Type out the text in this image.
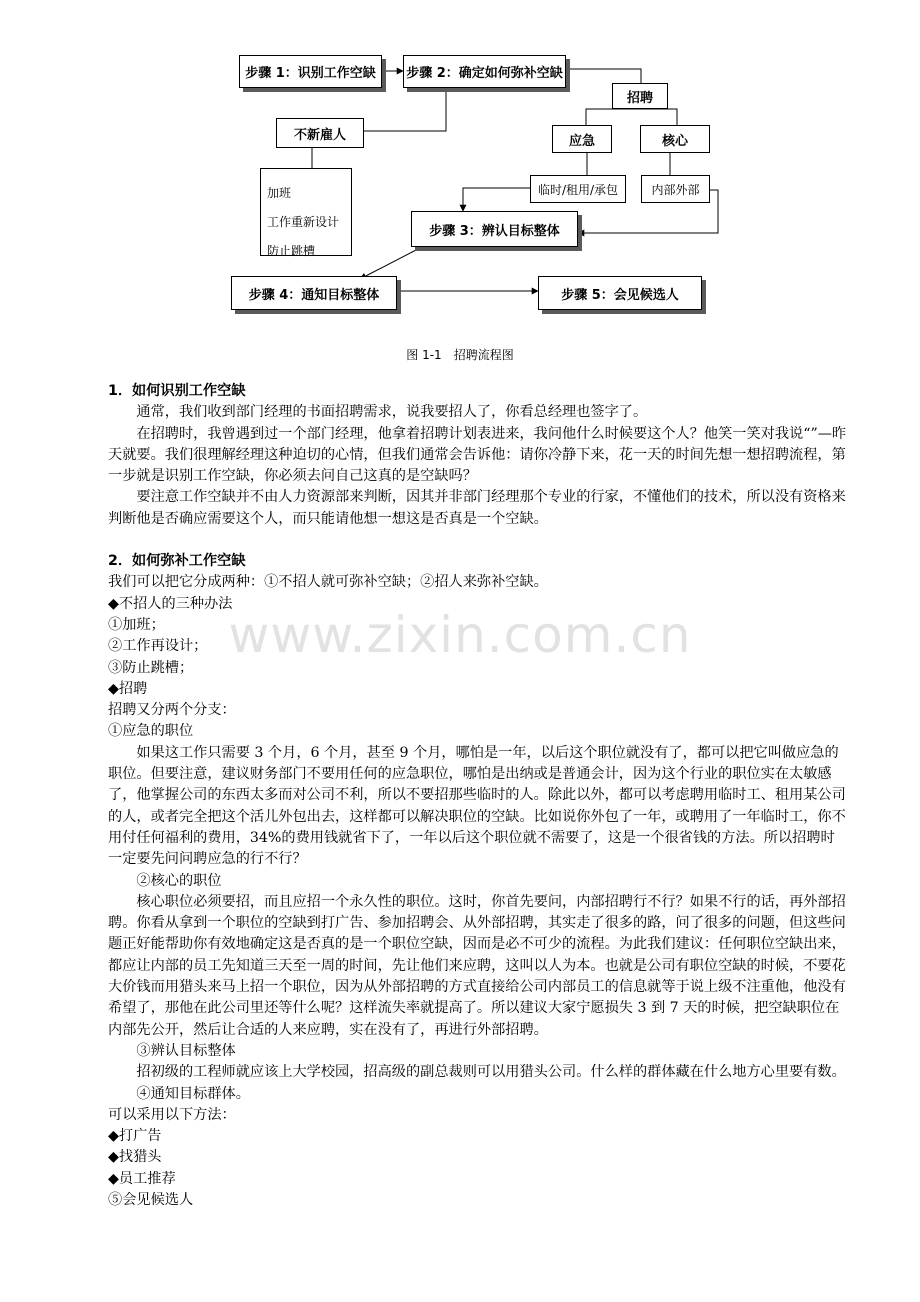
步骤 1：识别工作空缺 步骤 2：确定如何弥补空缺
招聘
应急	核心
不新雇人
加班
工作重新设计
防止跳槽
临时/租用/承包	内部外部
步骤 3：辨认目标整体
步骤 4：通知目标整体	步骤 5：会见候选人
图 1-1　招聘流程图
1．如何识别工作空缺

通常，我们收到部门经理的书面招聘需求，说我要招人了，你看总经理也签字了。

在招聘时，我曾遇到过一个部门经理，他拿着招聘计划表进来，我问他什么时候要这个人？他笑一笑对我说“”—昨天就要。我们很理解经理这种迫切的心情，但我们通常会告诉他：请你冷静下来，花一天的时间先想一想招聘流程，第一步就是识别工作空缺，你必须去问自己这真的是空缺吗？

要注意工作空缺并不由人力资源部来判断，因其并非部门经理那个专业的行家，不懂他们的技术，所以没有资格来判断他是否确应需要这个人，而只能请他想一想这是否真是一个空缺。

2．如何弥补工作空缺

我们可以把它分成两种：①不招人就可弥补空缺；②招人来弥补空缺。

◆不招人的三种办法

①加班；

②工作再设计；

③防止跳槽；

◆招聘

招聘又分两个分支：

①应急的职位

如果这工作只需要 3 个月，6 个月，甚至 9 个月，哪怕是一年，以后这个职位就没有了，都可以把它叫做应急的职位。但要注意，建议财务部门不要用任何的应急职位，哪怕是出纳或是普通会计，因为这个行业的职位实在太敏感了，他掌握公司的东西太多而对公司不利，所以不要招那些临时的人。除此以外，都可以考虑聘用临时工、租用某公司的人，或者完全把这个活儿外包出去，这样都可以解决职位的空缺。比如说你外包了一年，或聘用了一年临时工，你不用付任何福利的费用，34%的费用钱就省下了，一年以后这个职位就不需要了，这是一个很省钱的方法。所以招聘时一定要先问问聘应急的行不行？

②核心的职位

核心职位必须要招，而且应招一个永久性的职位。这时，你首先要问，内部招聘行不行？如果不行的话，再外部招聘。你看从拿到一个职位的空缺到打广告、参加招聘会、从外部招聘，其实走了很多的路，问了很多的问题，但这些问题正好能帮助你有效地确定这是否真的是一个职位空缺，因而是必不可少的流程。为此我们建议：任何职位空缺出来，都应让内部的员工先知道三天至一周的时间，先让他们来应聘，这叫以人为本。也就是公司有职位空缺的时候，不要花大价钱而用猎头来马上招一个职位，因为从外部招聘的方式直接给公司内部员工的信息就等于说上级不注重他，他没有希望了，那他在此公司里还等什么呢？这样流失率就提高了。所以建议大家宁愿损失 3 到 7 天的时候，把空缺职位在内部先公开，然后让合适的人来应聘，实在没有了，再进行外部招聘。

③辨认目标整体

招初级的工程师就应该上大学校园，招高级的副总裁则可以用猎头公司。什么样的群体藏在什么地方心里要有数。

④通知目标群体。

可以采用以下方法：

◆打广告

◆找猎头

◆员工推荐

⑤会见候选人

www.zixin.com.cn
